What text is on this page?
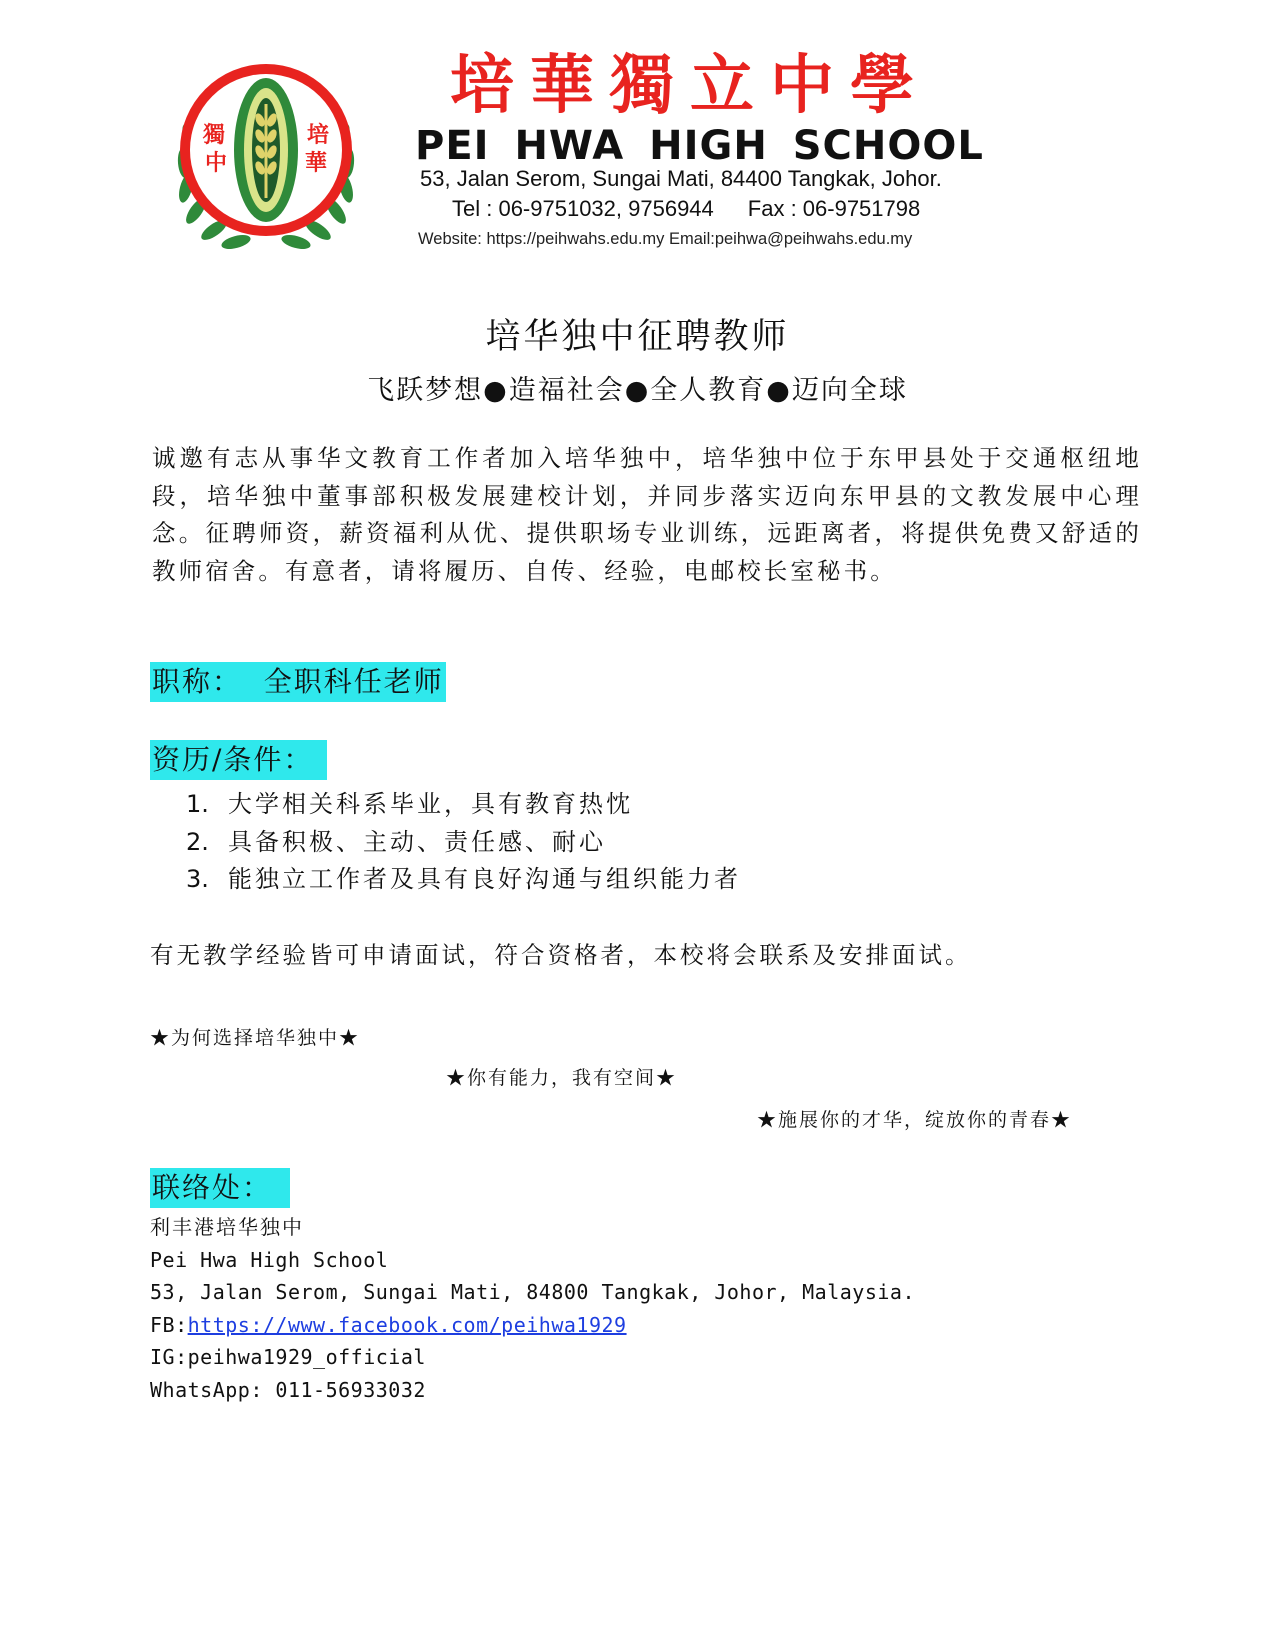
獨
中
培
華
培華獨立中學
PEI HWA HIGH SCHOOL
53, Jalan Serom, Sungai Mati, 84400 Tangkak, Johor.
Tel : 06-9751032, 9756944 Fax : 06-9751798
Website: https://peihwahs.edu.my Email:peihwa@peihwahs.edu.my
培华独中征聘教师
飞跃梦想●造福社会●全人教育●迈向全球
诚邀有志从事华文教育工作者加入培华独中，培华独中位于东甲县处于交通枢纽地段，培华独中董事部积极发展建校计划，并同步落实迈向东甲县的文教发展中心理念。征聘师资，薪资福利从优、提供职场专业训练，远距离者，将提供免费又舒适的教师宿舍。有意者，请将履历、自传、经验，电邮校长室秘书。
职称：  全职科任老师
资历/条件：
1. 大学相关科系毕业，具有教育热忱
2. 具备积极、主动、责任感、耐心
3. 能独立工作者及具有良好沟通与组织能力者
有无教学经验皆可申请面试，符合资格者，本校将会联系及安排面试。
★为何选择培华独中★
★你有能力，我有空间★
★施展你的才华，绽放你的青春★
联络处：
利丰港培华独中
Pei Hwa High School
53, Jalan Serom, Sungai Mati, 84800 Tangkak, Johor, Malaysia.
FB:https://www.facebook.com/peihwa1929
IG:peihwa1929_official
WhatsApp: 011-56933032
